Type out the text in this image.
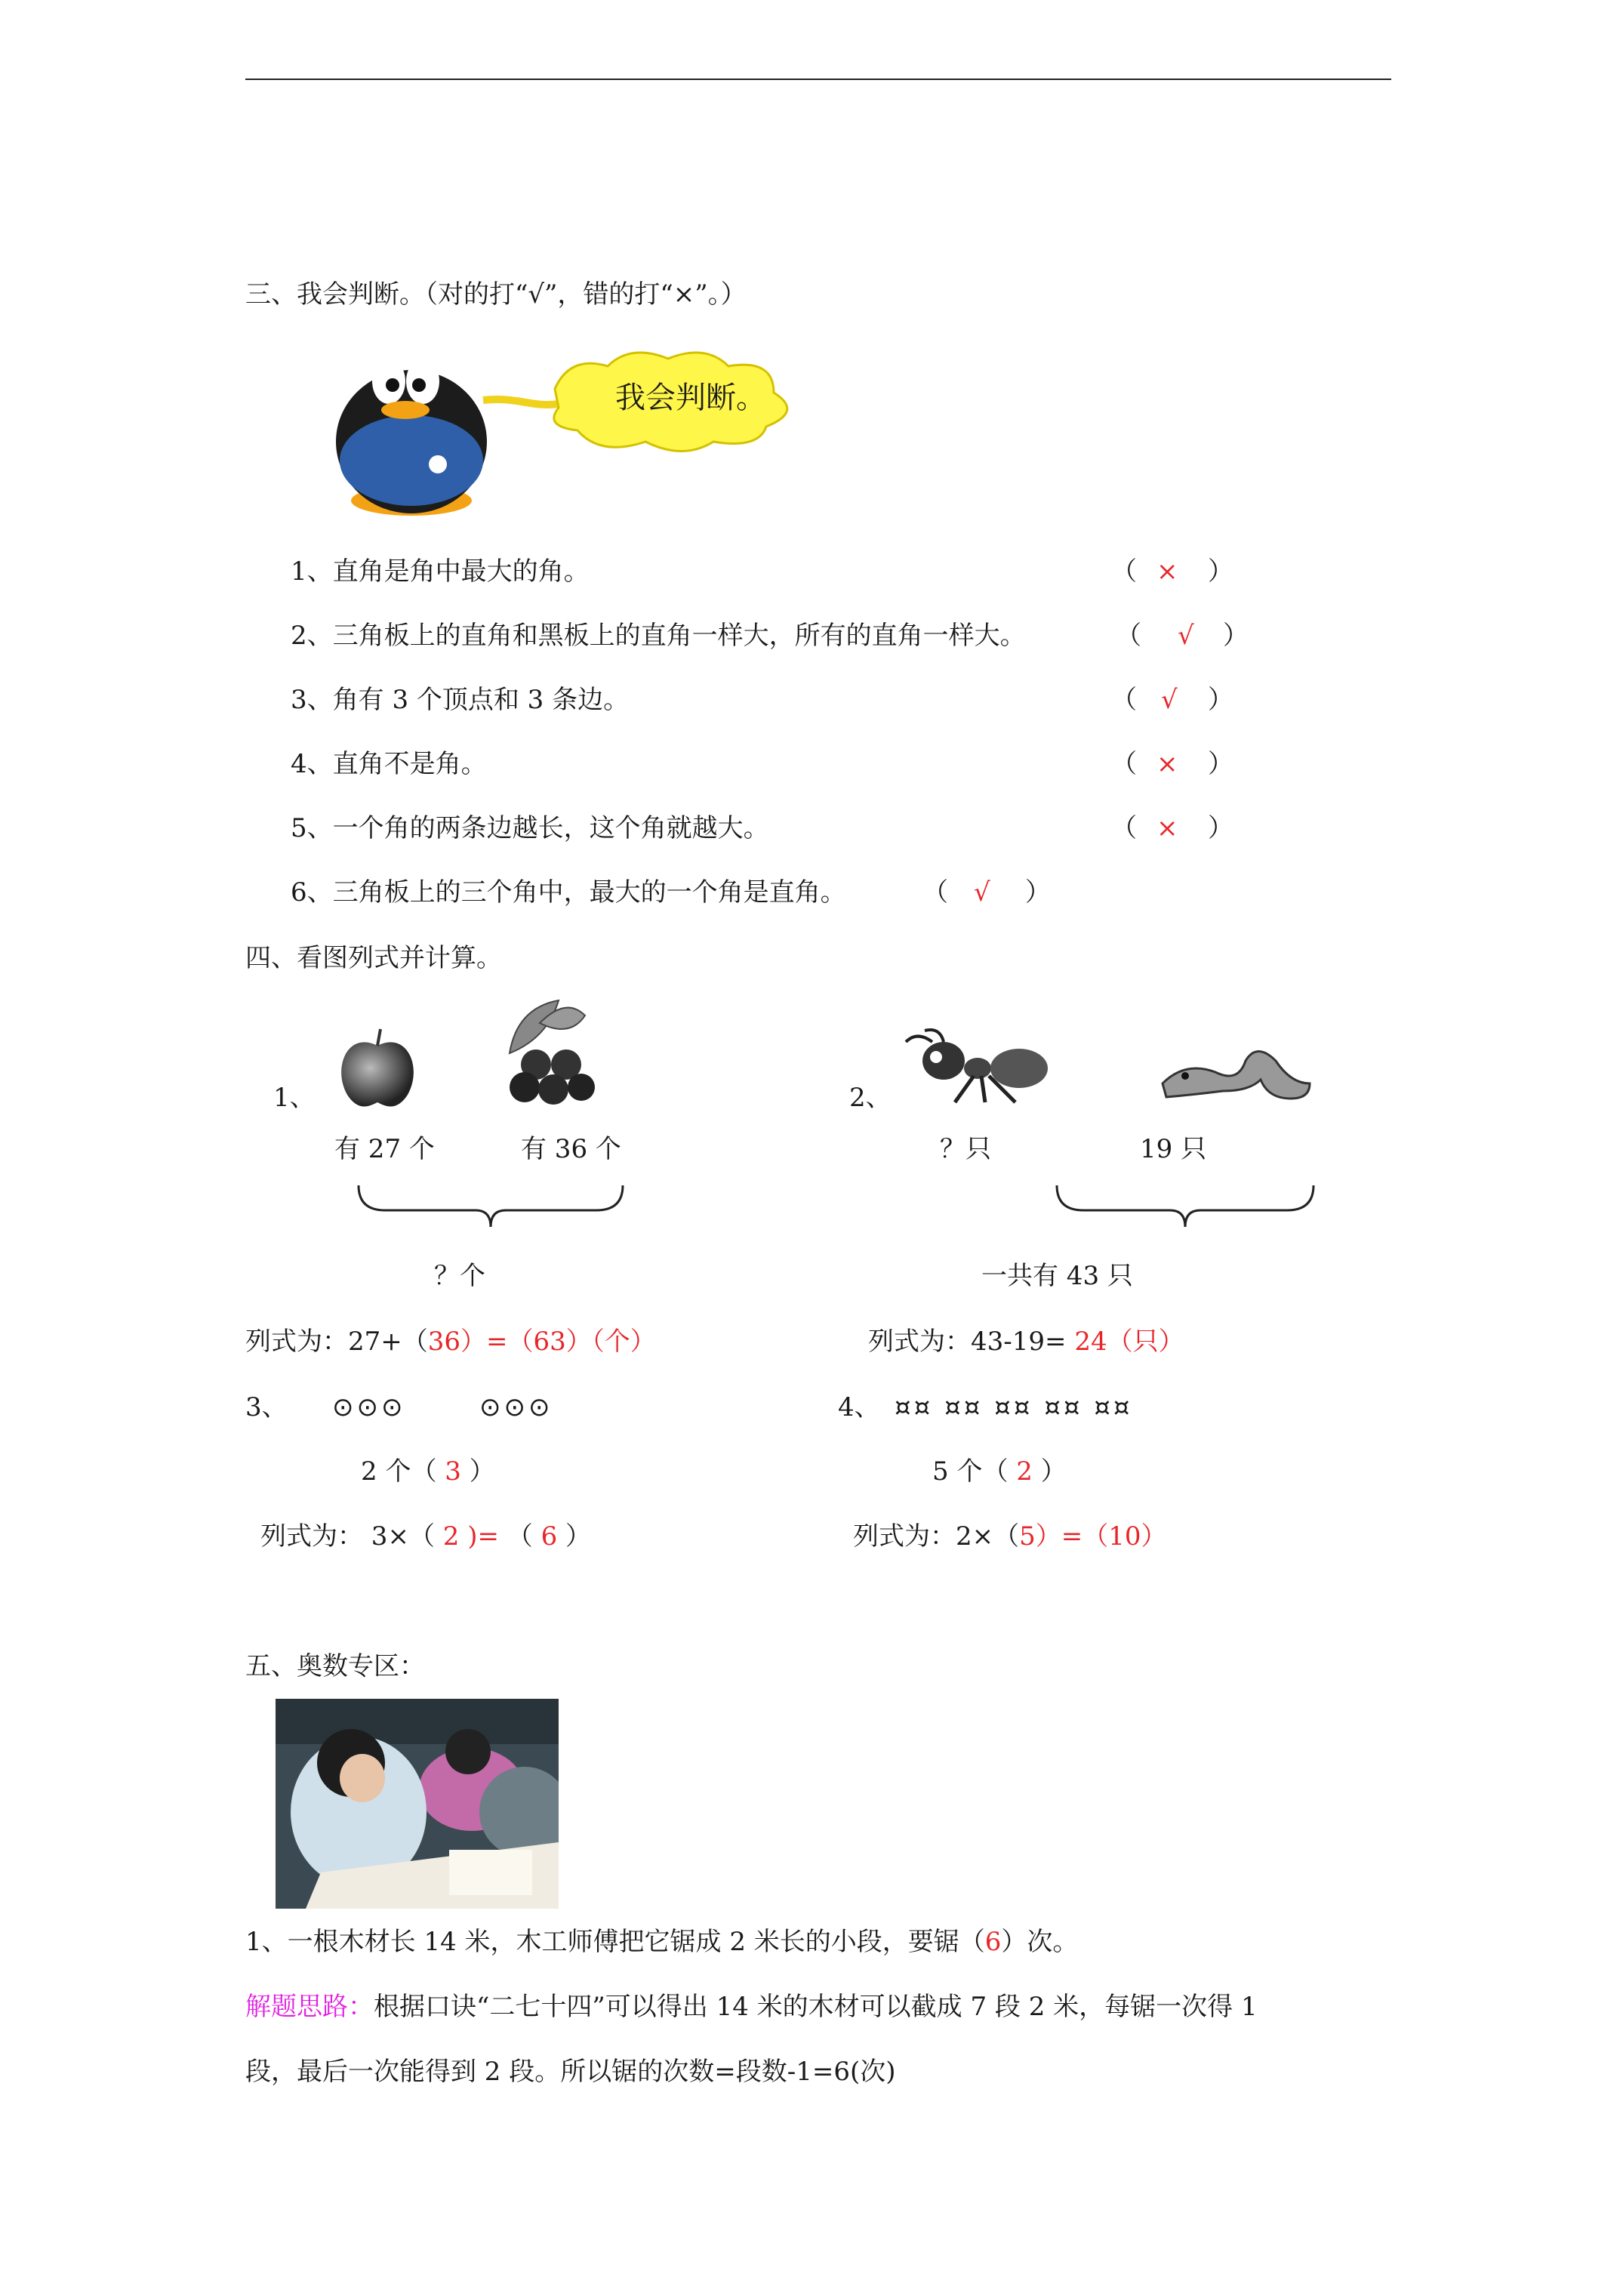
三、我会判断。（对的打“√”，错的打“×”。）
我会判断。
1、直角是角中最大的角。	（ × ）
2、三角板上的直角和黑板上的直角一样大，所有的直角一样大。	（ √ ）
3、角有 3 个顶点和 3 条边。	（ √ ）
4、直角不是角。	（ × ）
5、一个角的两条边越长，这个角就越大。	（ × ）
6、三角板上的三个角中，最大的一个角是直角。	（ √ ）
四、看图列式并计算。
1、
有 27 个	有 36 个
？个
列式为：27+（36）=（63）（个）
2、
？只	19 只
一共有 43 只
列式为：43-19= 24（只）
3、 ⊙⊙⊙	⊙⊙⊙
2 个（ 3 ）
列式为： 3×（ 2 )= （ 6 ）
4、 ¤¤ ¤¤ ¤¤ ¤¤ ¤¤
5 个（ 2 ）
列式为：2×（5）=（10）
五、奥数专区：
1、一根木材长 14 米，木工师傅把它锯成 2 米长的小段，要锯（6）次。
解题思路：根据口诀“二七十四”可以得出 14 米的木材可以截成 7 段 2 米，每锯一次得 1
段，最后一次能得到 2 段。所以锯的次数=段数-1=6(次)
